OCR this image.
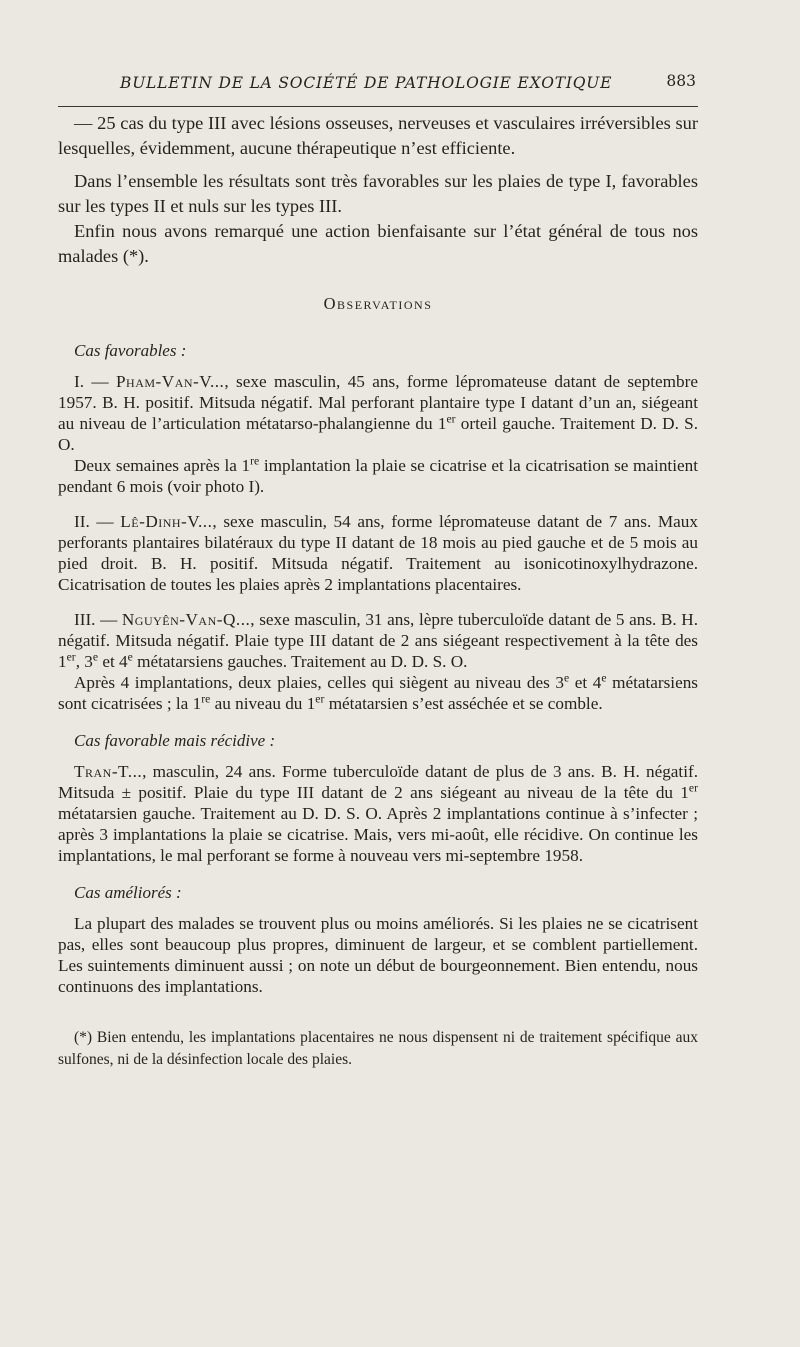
BULLETIN DE LA SOCIÉTÉ DE PATHOLOGIE EXOTIQUE	883

— 25 cas du type III avec lésions osseuses, nerveuses et vasculaires irréversibles sur lesquelles, évidemment, aucune thérapeutique n’est efficiente.

Dans l’ensemble les résultats sont très favorables sur les plaies de type I, favorables sur les types II et nuls sur les types III.

Enfin nous avons remarqué une action bienfaisante sur l’état général de tous nos malades (*).

Observations

Cas favorables :

I. — Pham-Van-V..., sexe masculin, 45 ans, forme lépromateuse datant de septembre 1957. B. H. positif. Mitsuda négatif. Mal perforant plantaire type I datant d’un an, siégeant au niveau de l’articulation métatarso-phalangienne du 1er orteil gauche. Traitement D. D. S. O.

Deux semaines après la 1re implantation la plaie se cicatrise et la cicatrisation se maintient pendant 6 mois (voir photo I).

II. — Lê-Dinh-V..., sexe masculin, 54 ans, forme lépromateuse datant de 7 ans. Maux perforants plantaires bilatéraux du type II datant de 18 mois au pied gauche et de 5 mois au pied droit. B. H. positif. Mitsuda négatif. Traitement au isonicotinoxylhydrazone. Cicatrisation de toutes les plaies après 2 implantations placentaires.

III. — Nguyên-Van-Q..., sexe masculin, 31 ans, lèpre tuberculoïde datant de 5 ans. B. H. négatif. Mitsuda négatif. Plaie type III datant de 2 ans siégeant respectivement à la tête des 1er, 3e et 4e métatarsiens gauches. Traitement au D. D. S. O.

Après 4 implantations, deux plaies, celles qui siègent au niveau des 3e et 4e métatarsiens sont cicatrisées ; la 1re au niveau du 1er métatarsien s’est asséchée et se comble.

Cas favorable mais récidive :

Tran-T..., masculin, 24 ans. Forme tuberculoïde datant de plus de 3 ans. B. H. négatif. Mitsuda ± positif. Plaie du type III datant de 2 ans siégeant au niveau de la tête du 1er métatarsien gauche. Traitement au D. D. S. O. Après 2 implantations continue à s’infecter ; après 3 implantations la plaie se cicatrise. Mais, vers mi-août, elle récidive. On continue les implantations, le mal perforant se forme à nouveau vers mi-septembre 1958.

Cas améliorés :

La plupart des malades se trouvent plus ou moins améliorés. Si les plaies ne se cicatrisent pas, elles sont beaucoup plus propres, diminuent de largeur, et se comblent partiellement. Les suintements diminuent aussi ; on note un début de bourgeonnement. Bien entendu, nous continuons des implantations.

(*) Bien entendu, les implantations placentaires ne nous dispensent ni de traitement spécifique aux sulfones, ni de la désinfection locale des plaies.
